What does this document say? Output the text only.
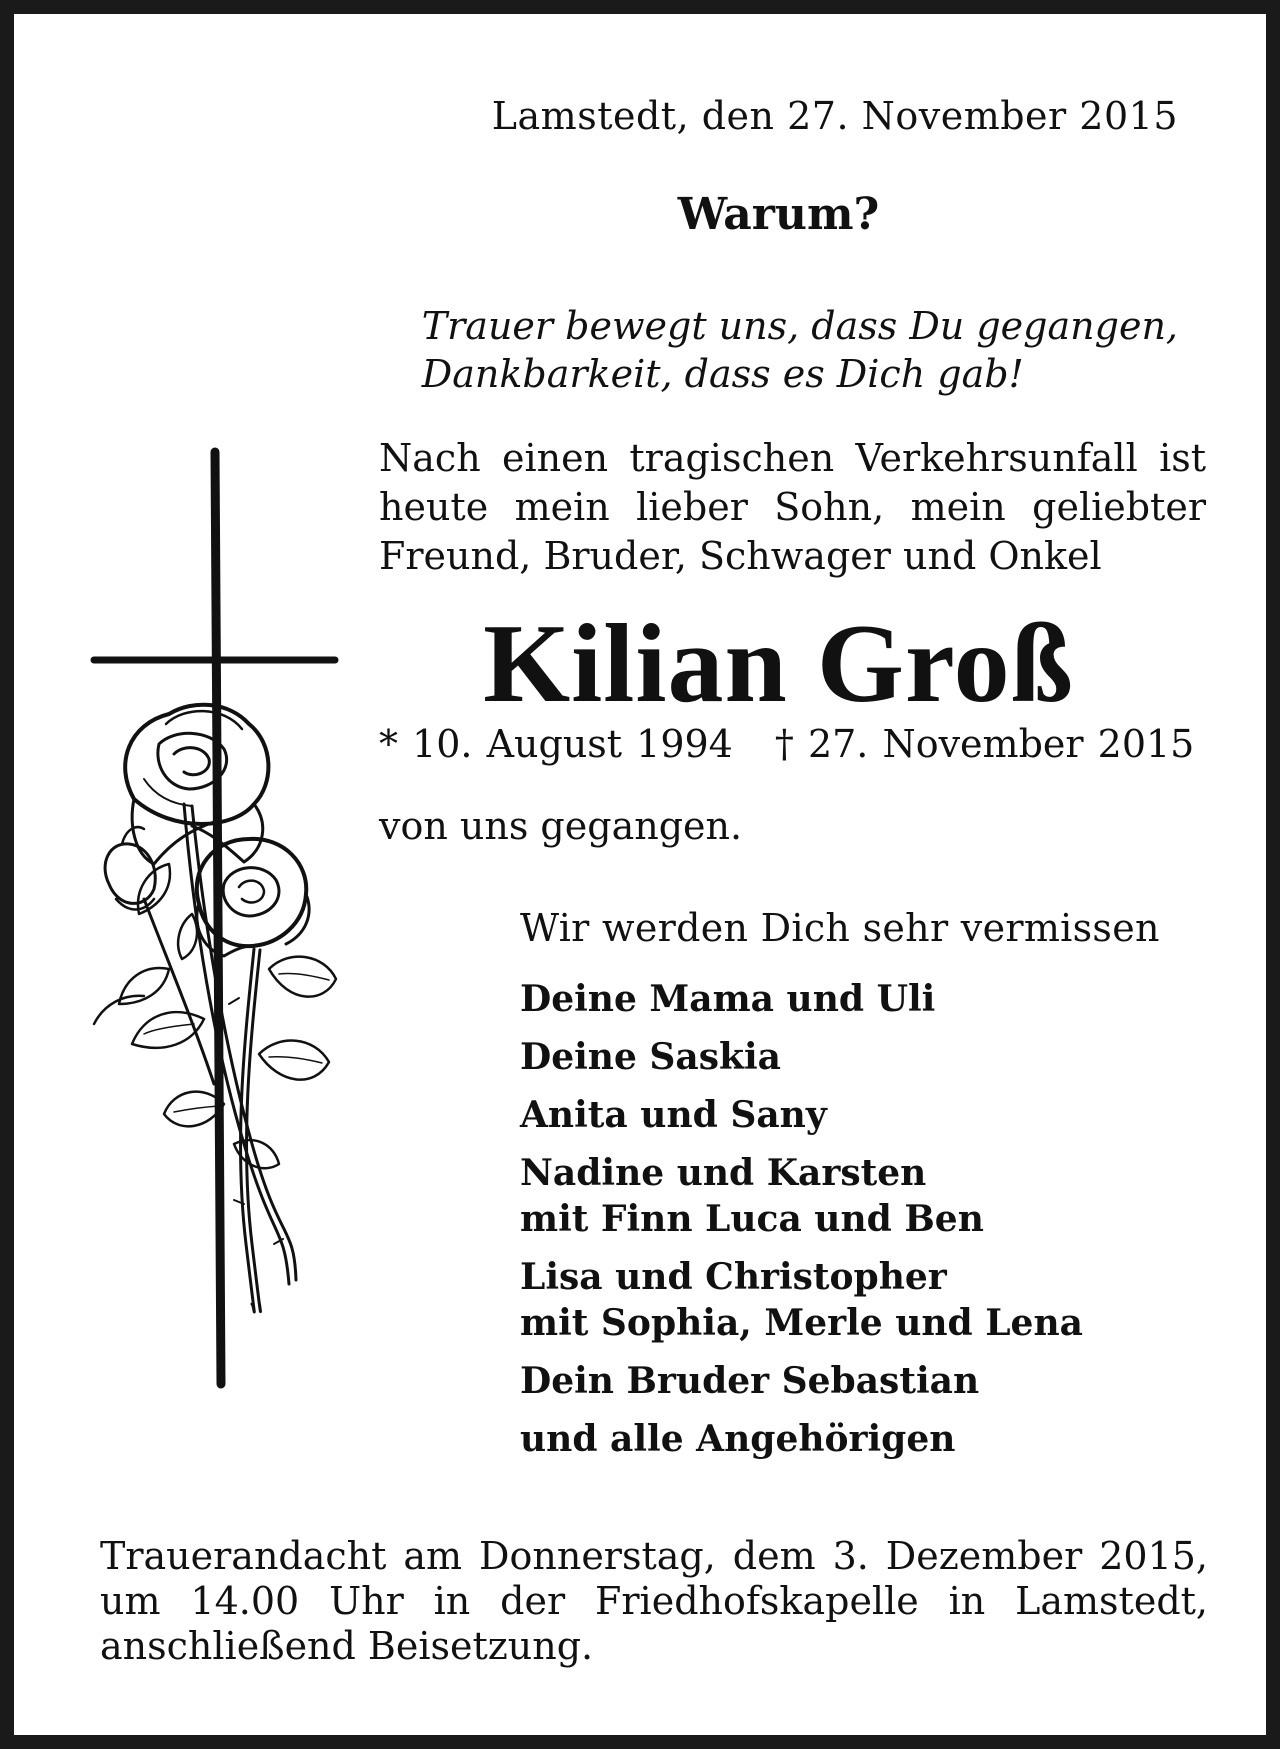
Lamstedt, den 27. November 2015

Warum?

Trauer bewegt uns, dass Du gegangen,
Dankbarkeit, dass es Dich gab!
Nach einen tragischen Verkehrsunfall ist
heute mein lieber Sohn, mein geliebter
Freund, Bruder, Schwager und Onkel

Kilian Groß

* 10. August 1994 † 27. November 2015

von uns gegangen.

Wir werden Dich sehr vermissen

Deine Mama und Uli
Deine Saskia
Anita und Sany
Nadine und Karsten
mit Finn Luca und Ben
Lisa und Christopher
mit Sophia, Merle und Lena
Dein Bruder Sebastian
und alle Angehörigen
Trauerandacht am Donnerstag, dem 3. Dezember 2015,
um 14.00 Uhr in der Friedhofskapelle in Lamstedt,
anschließend Beisetzung.
